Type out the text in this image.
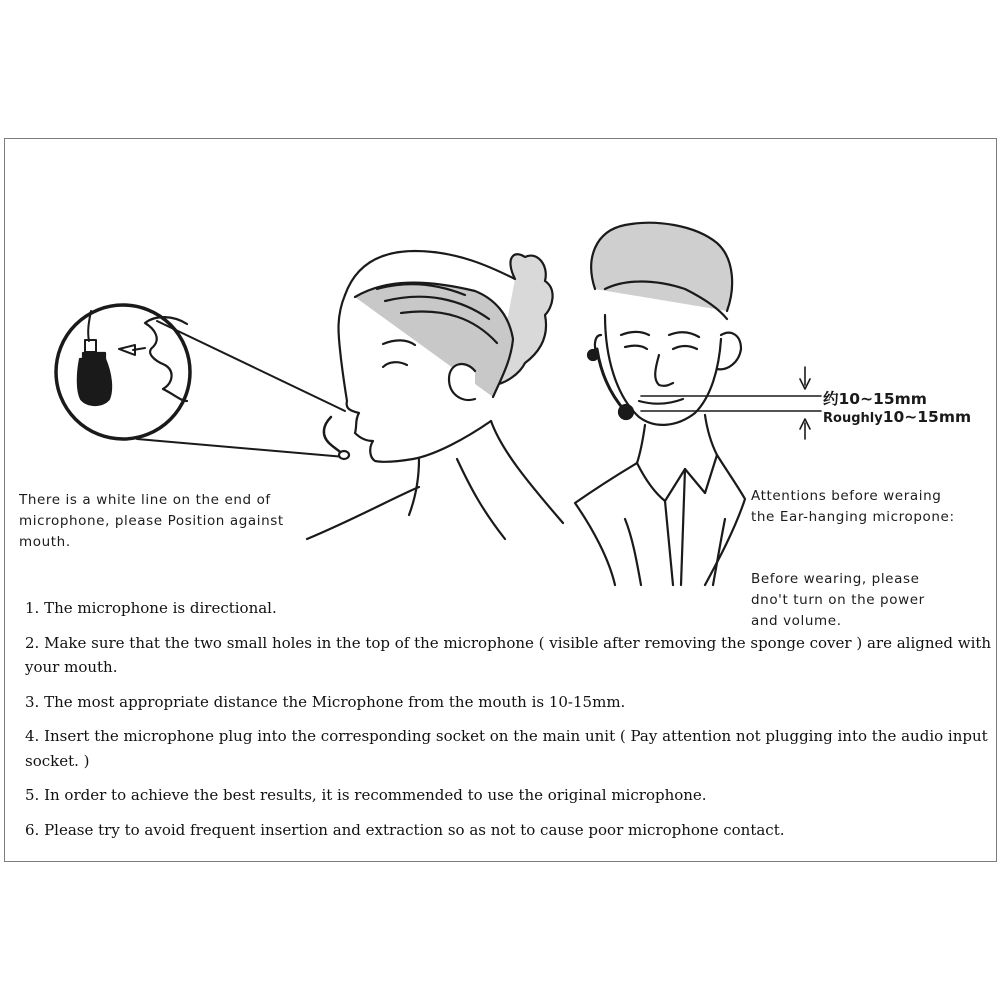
There is a white line on the end of
microphone, please Position against
mouth.
Attentions before weraing
the Ear-hanging micropone:
Before wearing, please
dno't turn on the power
and volume.
约10~15mm
Roughly10~15mm
1. The microphone is directional.
2. Make sure that the two small holes in the top of the microphone ( visible after removing the sponge cover ) are aligned with your mouth.
3. The most appropriate distance the Microphone from the mouth is 10-15mm.
4. Insert the microphone plug into the corresponding socket on the main unit ( Pay attention not plugging into the audio input socket. )
5. In order to achieve the best results, it is recommended to use the original microphone.
6. Please try to avoid frequent insertion and extraction so as not to cause poor microphone contact.
